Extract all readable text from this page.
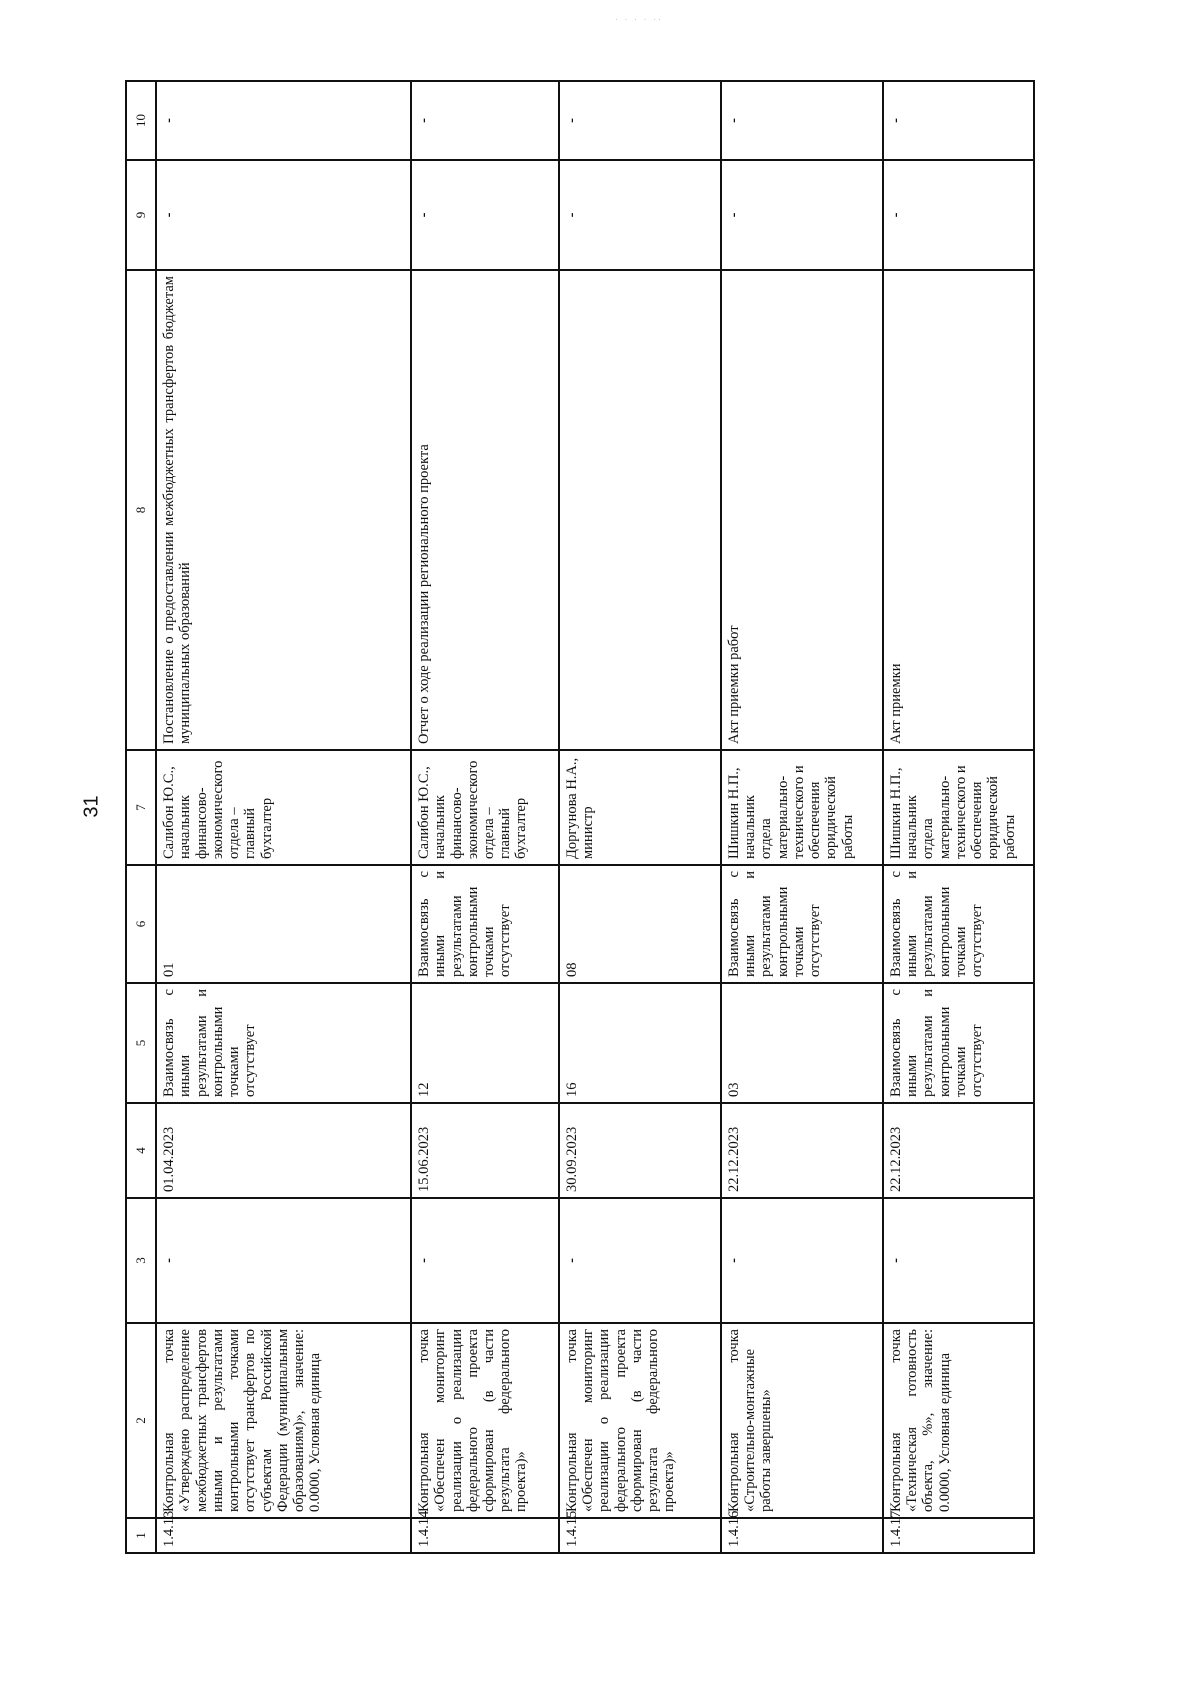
. . . . ..
31
1	2	3	4	5	6	7	8	9	10
1.4.13	Контрольная точка «Утверждено распределение межбюджетных трансфертов иными и результатами контрольными точками отсутствует трансфертов по субъектам Российской Федерации (муниципальным образованиям)», значение: 0.0000, Условная единица	-	01.04.2023	Взаимосвязь с иными результатами и контрольными точками отсутствует	01	Салибон Ю.С., начальник финансово-экономического отдела – главный бухгалтер	Постановление о предоставлении межбюджетных трансфертов бюджетам муниципальных образований	-	-
1.4.14	Контрольная точка «Обеспечен мониторинг реализации о реализации федерального проекта сформирован (в части результата федерального проекта)»	-	15.06.2023	12	Взаимосвязь с иными и результатами контрольными точками отсутствует	Салибон Ю.С., начальник финансово-экономического отдела – главный бухгалтер	Отчет о ходе реализации регионального проекта	-	-
1.4.15	Контрольная точка «Обеспечен мониторинг реализации о реализации федерального проекта сформирован (в части результата федерального проекта)»	-	30.09.2023	16	08	Доргунова Н.А., министр		-	-
1.4.16	Контрольная точка «Строительно-монтажные работы завершены»	-	22.12.2023	03	Взаимосвязь с иными и результатами контрольными точками отсутствует	Шишкин Н.П., начальник отдела материально-технического и обеспечения юридической работы	Акт приемки работ	-	-
1.4.17	Контрольная точка «Техническая готовность объекта, %», значение: 0.0000, Условная единица	-	22.12.2023	Взаимосвязь с иными результатами и контрольными точками отсутствует	Взаимосвязь с иными и результатами контрольными точками отсутствует	Шишкин Н.П., начальник отдела материально-технического и обеспечения юридической работы	Акт приемки	-	-
